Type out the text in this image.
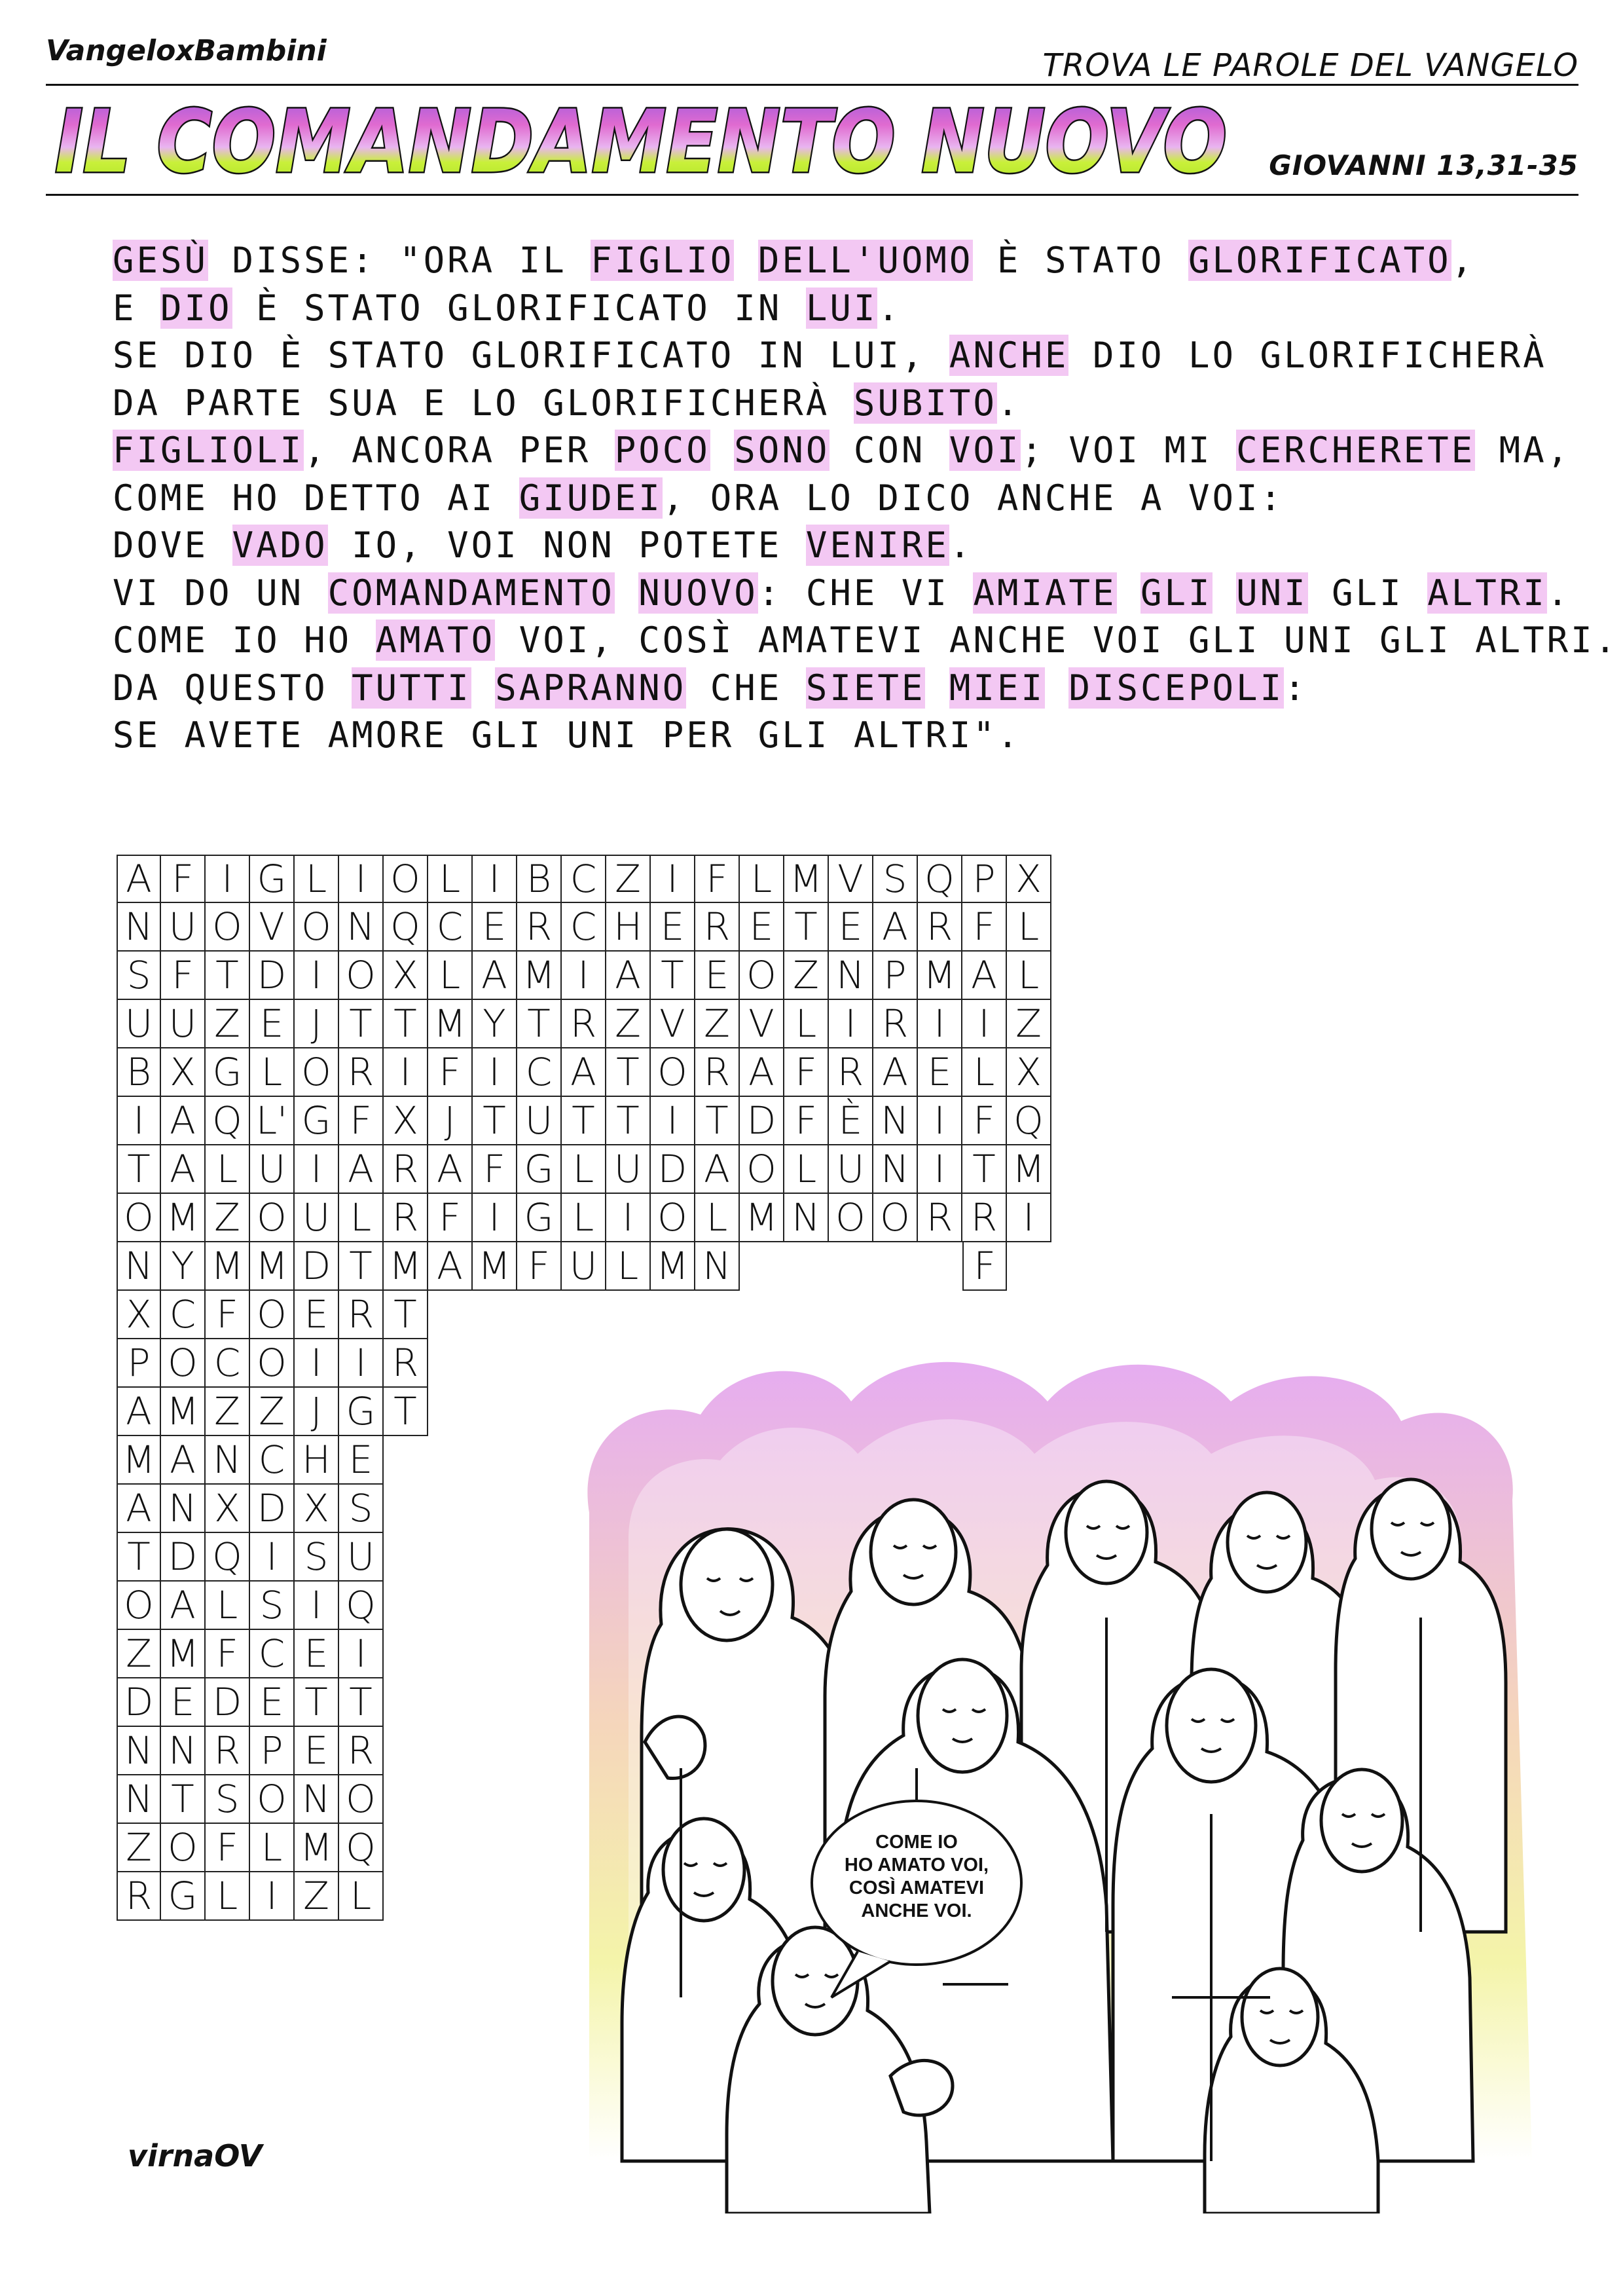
VangeloxBambini	TROVA LE PAROLE DEL VANGELO
IL COMANDAMENTO NUOVO GIOVANNI 13,31-35
GESÙ DISSE: "ORA IL FIGLIO DELL'UOMO È STATO GLORIFICATO,
E DIO È STATO GLORIFICATO IN LUI.
SE DIO È STATO GLORIFICATO IN LUI, ANCHE DIO LO GLORIFICHERÀ
DA PARTE SUA E LO GLORIFICHERÀ SUBITO.
FIGLIOLI, ANCORA PER POCO SONO CON VOI; VOI MI CERCHERETE MA,
COME HO DETTO AI GIUDEI, ORA LO DICO ANCHE A VOI:
DOVE VADO IO, VOI NON POTETE VENIRE.
VI DO UN COMANDAMENTO NUOVO: CHE VI AMIATE GLI UNI GLI ALTRI.
COME IO HO AMATO VOI, COSÌ AMATEVI ANCHE VOI GLI UNI GLI ALTRI.
DA QUESTO TUTTI SAPRANNO CHE SIETE MIEI DISCEPOLI:
SE AVETE AMORE GLI UNI PER GLI ALTRI".
A F I G L I O L I B C Z I F L M V S Q P X
N U O V O N Q C E R C H E R E T E A R F L
S F T D I O X L A M I A T E O Z N P M A L
U U Z E J T T M Y T R Z V Z V L I R I I Z
B X G L O R I F I C A T O R A F R A E L X
I A Q L' G F X J T U T T I T D F È N I F Q
T A L U I A R A F G L U D A O L U N I T M
O M Z O U L R F I G L I O L M N O O R R I
N Y M M D T M A M F U L M N
X C F O E R T
P O C O I I R
A M Z Z J G T
M A N C H E
A N X D X S
T D Q I S U
O A L S I Q
Z M F C E I
D E D E T T
N N R P E R
N T S O N O
Z O F L M Q
R G L I Z L
F
COME IO
HO AMATO VOI,
COSÌ AMATEVI
ANCHE VOI.
virnaOV
